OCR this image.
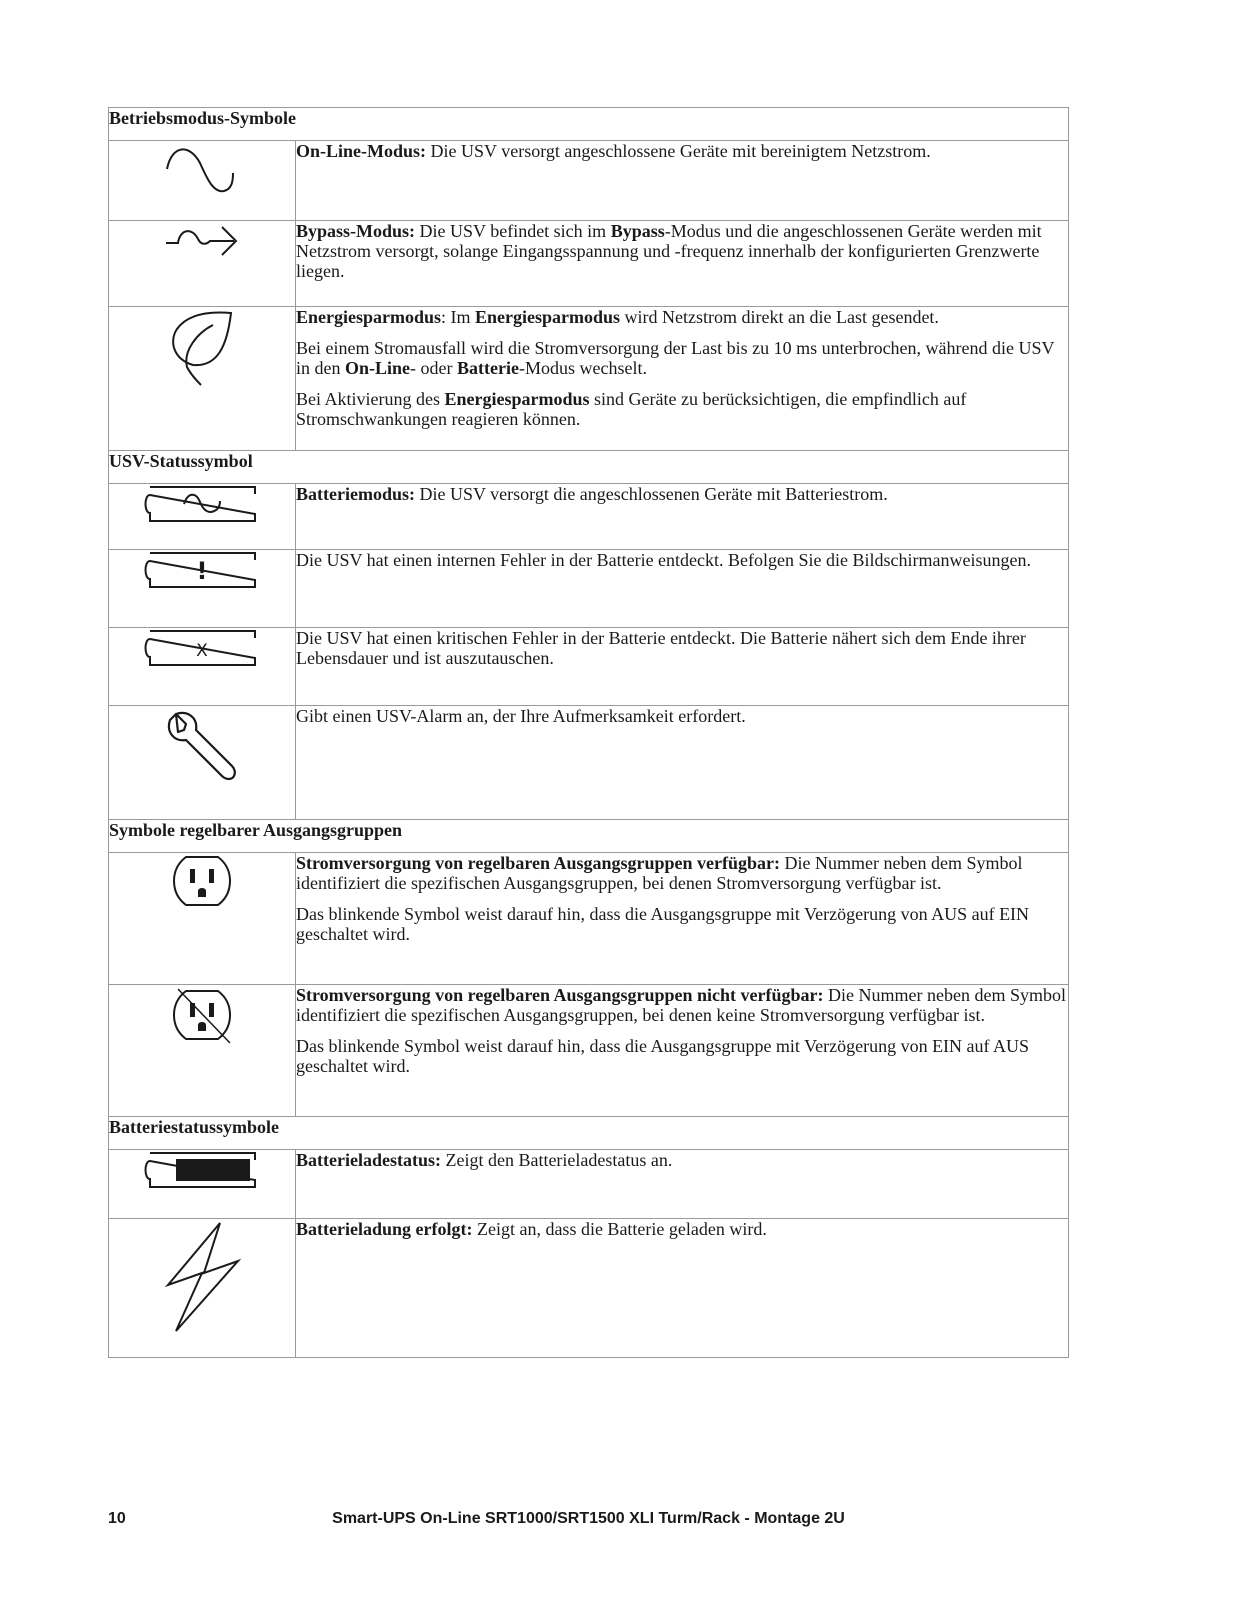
Betriebsmodus-Symbole	

On-Line-Modus: Die USV versorgt angeschlossene Geräte mit bereinigtem Netzstrom.

Bypass-Modus: Die USV befindet sich im Bypass-Modus und die angeschlossenen Geräte werden mit Netzstrom versorgt, solange Eingangsspannung und -frequenz innerhalb der konfigurierten Grenzwerte liegen.

Energiesparmodus: Im Energiesparmodus wird Netzstrom direkt an die Last gesendet.

Bei einem Stromausfall wird die Stromversorgung der Last bis zu 10 ms unterbrochen, während die USV in den On-Line- oder Batterie-Modus wechselt.

Bei Aktivierung des Energiesparmodus sind Geräte zu berücksichtigen, die empfindlich auf Stromschwankungen reagieren können.

USV-Statussymbol	

Batteriemodus: Die USV versorgt die angeschlossenen Geräte mit Batteriestrom.

!	Die USV hat einen internen Fehler in der Batterie entdeckt. Befolgen Sie die Bildschirmanweisungen.

X	Die USV hat einen kritischen Fehler in der Batterie entdeckt. Die Batterie nähert sich dem Ende ihrer Lebensdauer und ist auszutauschen.

Gibt einen USV-Alarm an, der Ihre Aufmerksamkeit erfordert.

Symbole regelbarer Ausgangsgruppen	

Stromversorgung von regelbaren Ausgangsgruppen verfügbar: Die Nummer neben dem Symbol identifiziert die spezifischen Ausgangsgruppen, bei denen Stromversorgung verfügbar ist.

Das blinkende Symbol weist darauf hin, dass die Ausgangsgruppe mit Verzögerung von AUS auf EIN geschaltet wird.

Stromversorgung von regelbaren Ausgangsgruppen nicht verfügbar: Die Nummer neben dem Symbol identifiziert die spezifischen Ausgangsgruppen, bei denen keine Stromversorgung verfügbar ist.

Das blinkende Symbol weist darauf hin, dass die Ausgangsgruppe mit Verzögerung von EIN auf AUS geschaltet wird.

Batteriestatussymbole	

Batterieladestatus: Zeigt den Batterieladestatus an.

Batterieladung erfolgt: Zeigt an, dass die Batterie geladen wird.

10	Smart-UPS On-Line SRT1000/SRT1500 XLI Turm/Rack - Montage 2U
